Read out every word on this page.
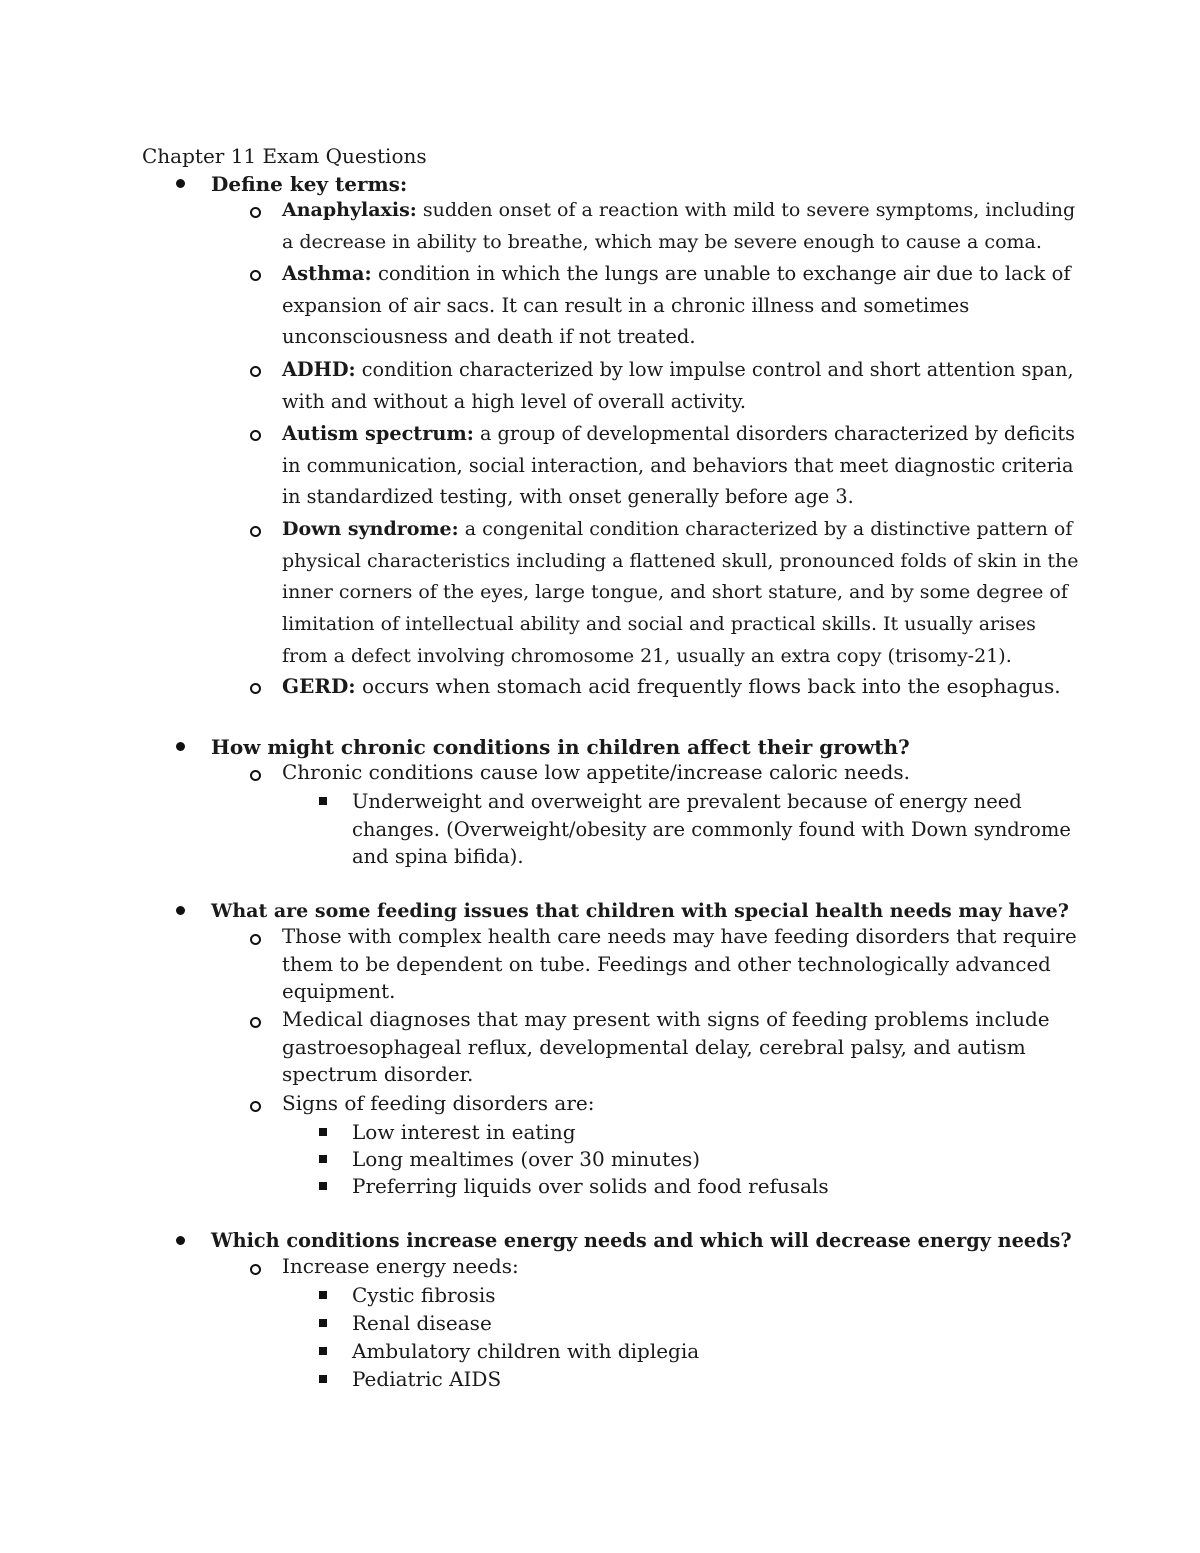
Chapter 11 Exam Questions
Define key terms:
Anaphylaxis: sudden onset of a reaction with mild to severe symptoms, including
a decrease in ability to breathe, which may be severe enough to cause a coma.
Asthma: condition in which the lungs are unable to exchange air due to lack of
expansion of air sacs. It can result in a chronic illness and sometimes
unconsciousness and death if not treated.
ADHD: condition characterized by low impulse control and short attention span,
with and without a high level of overall activity.
Autism spectrum: a group of developmental disorders characterized by deficits
in communication, social interaction, and behaviors that meet diagnostic criteria
in standardized testing, with onset generally before age 3.
Down syndrome: a congenital condition characterized by a distinctive pattern of
physical characteristics including a flattened skull, pronounced folds of skin in the
inner corners of the eyes, large tongue, and short stature, and by some degree of
limitation of intellectual ability and social and practical skills. It usually arises
from a defect involving chromosome 21, usually an extra copy (trisomy-21).
GERD: occurs when stomach acid frequently flows back into the esophagus.
How might chronic conditions in children affect their growth?
Chronic conditions cause low appetite/increase caloric needs.
Underweight and overweight are prevalent because of energy need
changes. (Overweight/obesity are commonly found with Down syndrome
and spina bifida).
What are some feeding issues that children with special health needs may have?
Those with complex health care needs may have feeding disorders that require
them to be dependent on tube. Feedings and other technologically advanced
equipment.
Medical diagnoses that may present with signs of feeding problems include
gastroesophageal reflux, developmental delay, cerebral palsy, and autism
spectrum disorder.
Signs of feeding disorders are:
Low interest in eating
Long mealtimes (over 30 minutes)
Preferring liquids over solids and food refusals
Which conditions increase energy needs and which will decrease energy needs?
Increase energy needs:
Cystic fibrosis
Renal disease
Ambulatory children with diplegia
Pediatric AIDS
